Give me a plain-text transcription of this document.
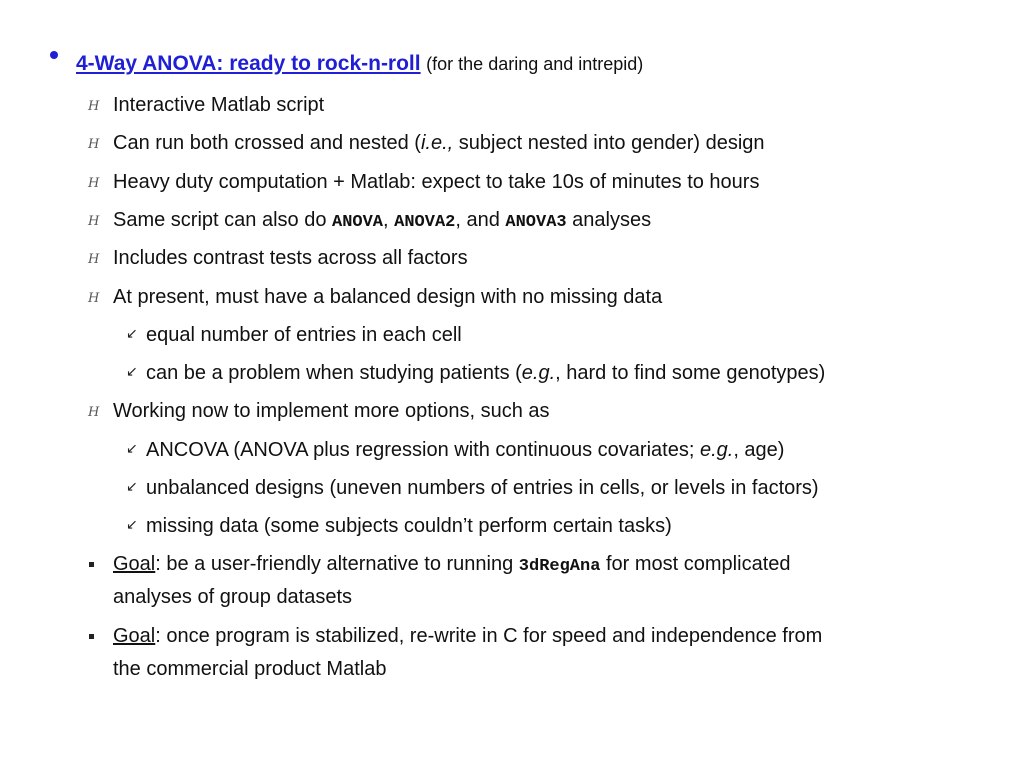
4-Way ANOVA: ready to rock-n-roll (for the daring and intrepid)
H Interactive Matlab script
H Can run both crossed and nested (i.e., subject nested into gender) design
H Heavy duty computation + Matlab: expect to take 10s of minutes to hours
H Same script can also do ANOVA, ANOVA2, and ANOVA3 analyses
H Includes contrast tests across all factors
H At present, must have a balanced design with no missing data
↙ equal number of entries in each cell
↙ can be a problem when studying patients (e.g., hard to find some genotypes)
H Working now to implement more options, such as
↙ ANCOVA (ANOVA plus regression with continuous covariates; e.g., age)
↙ unbalanced designs (uneven numbers of entries in cells, or levels in factors)
↙ missing data (some subjects couldn’t perform certain tasks)
Goal: be a user-friendly alternative to running 3dRegAna for most complicated
analyses of group datasets
Goal: once program is stabilized, re-write in C for speed and independence from
the commercial product Matlab
